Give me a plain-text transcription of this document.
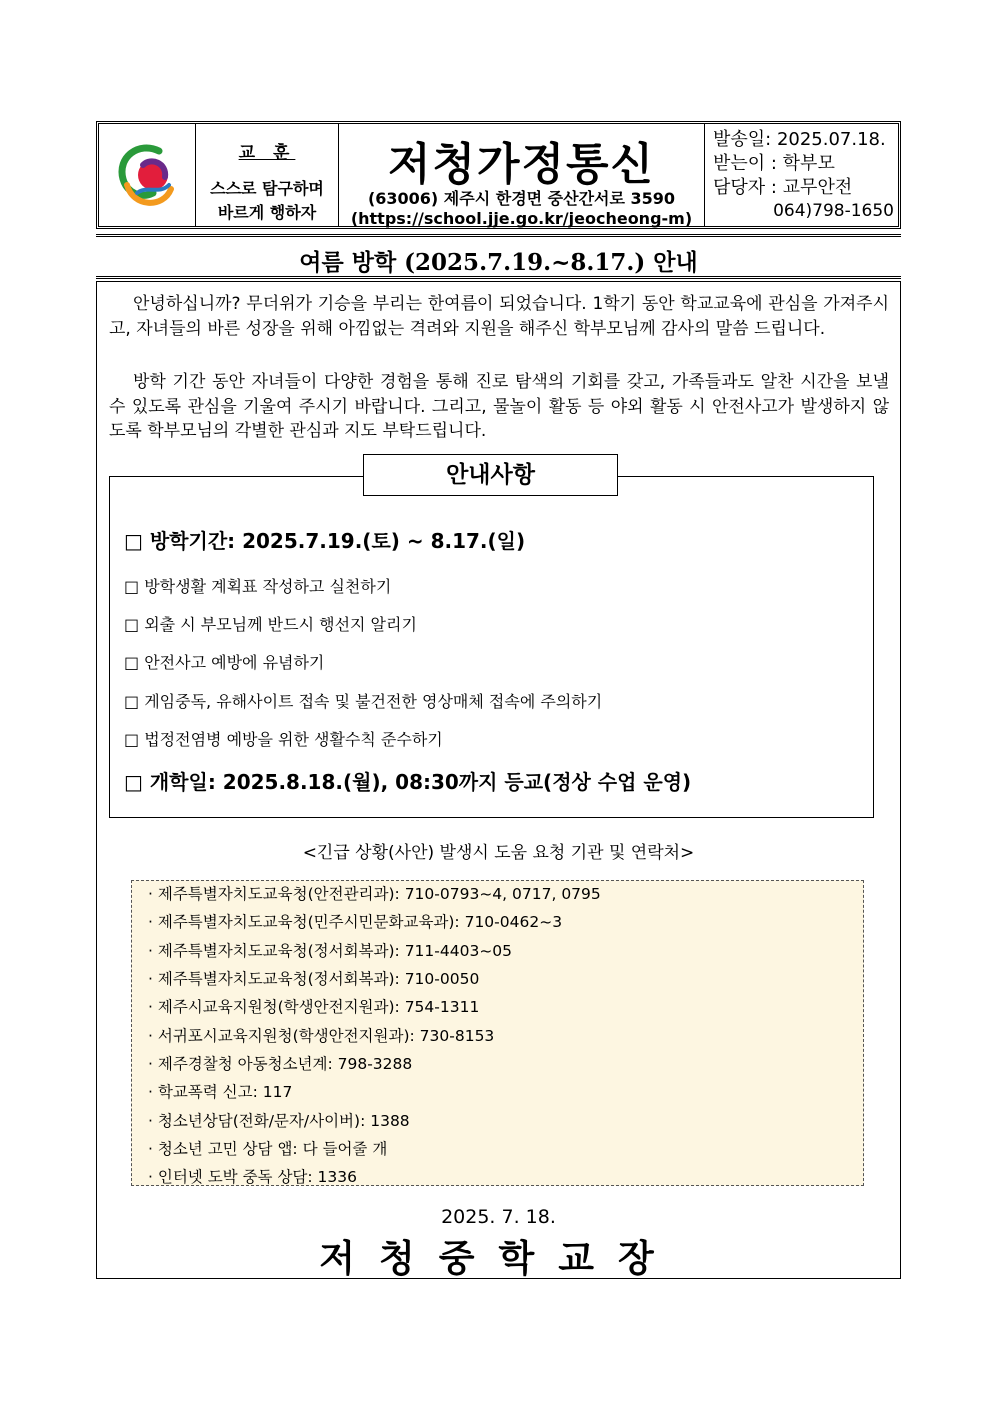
교 훈
스스로 탐구하며
바르게 행하자
저청가정통신
(63006) 제주시 한경면 중산간서로 3590
(https://school.jje.go.kr/jeocheong-m)
발송일: 2025.07.18.
받는이 : 학부모
담당자 : 교무안전
064)798-1650
여름 방학 (2025.7.19.~8.17.) 안내

안녕하십니까? 무더위가 기승을 부리는 한여름이 되었습니다. 1학기 동안 학교교육에 관심을 가져주시고, 자녀들의 바른 성장을 위해 아낌없는 격려와 지원을 해주신 학부모님께 감사의 말씀 드립니다.

방학 기간 동안 자녀들이 다양한 경험을 통해 진로 탐색의 기회를 갖고, 가족들과도 알찬 시간을 보낼 수 있도록 관심을 기울여 주시기 바랍니다. 그리고, 물놀이 활동 등 야외 활동 시 안전사고가 발생하지 않도록 학부모님의 각별한 관심과 지도 부탁드립니다.

□ 방학기간: 2025.7.19.(토) ~ 8.17.(일)
□ 방학생활 계획표 작성하고 실천하기
□ 외출 시 부모님께 반드시 행선지 알리기
□ 안전사고 예방에 유념하기
□ 게임중독, 유해사이트 접속 및 불건전한 영상매체 접속에 주의하기
□ 법정전염병 예방을 위한 생활수칙 준수하기
□ 개학일: 2025.8.18.(월), 08:30까지 등교(정상 수업 운영)
안내사항
<긴급 상황(사안) 발생시 도움 요청 기관 및 연락처>
· 제주특별자치도교육청(안전관리과): 710-0793~4, 0717, 0795
· 제주특별자치도교육청(민주시민문화교육과): 710-0462~3
· 제주특별자치도교육청(정서회복과): 711-4403~05
· 제주특별자치도교육청(정서회복과): 710-0050
· 제주시교육지원청(학생안전지원과): 754-1311
· 서귀포시교육지원청(학생안전지원과): 730-8153
· 제주경찰청 아동청소년계: 798-3288
· 학교폭력 신고: 117
· 청소년상담(전화/문자/사이버): 1388
· 청소년 고민 상담 앱: 다 들어줄 개
· 인터넷 도박 중독 상담: 1336
2025. 7. 18.
저청중학교장
